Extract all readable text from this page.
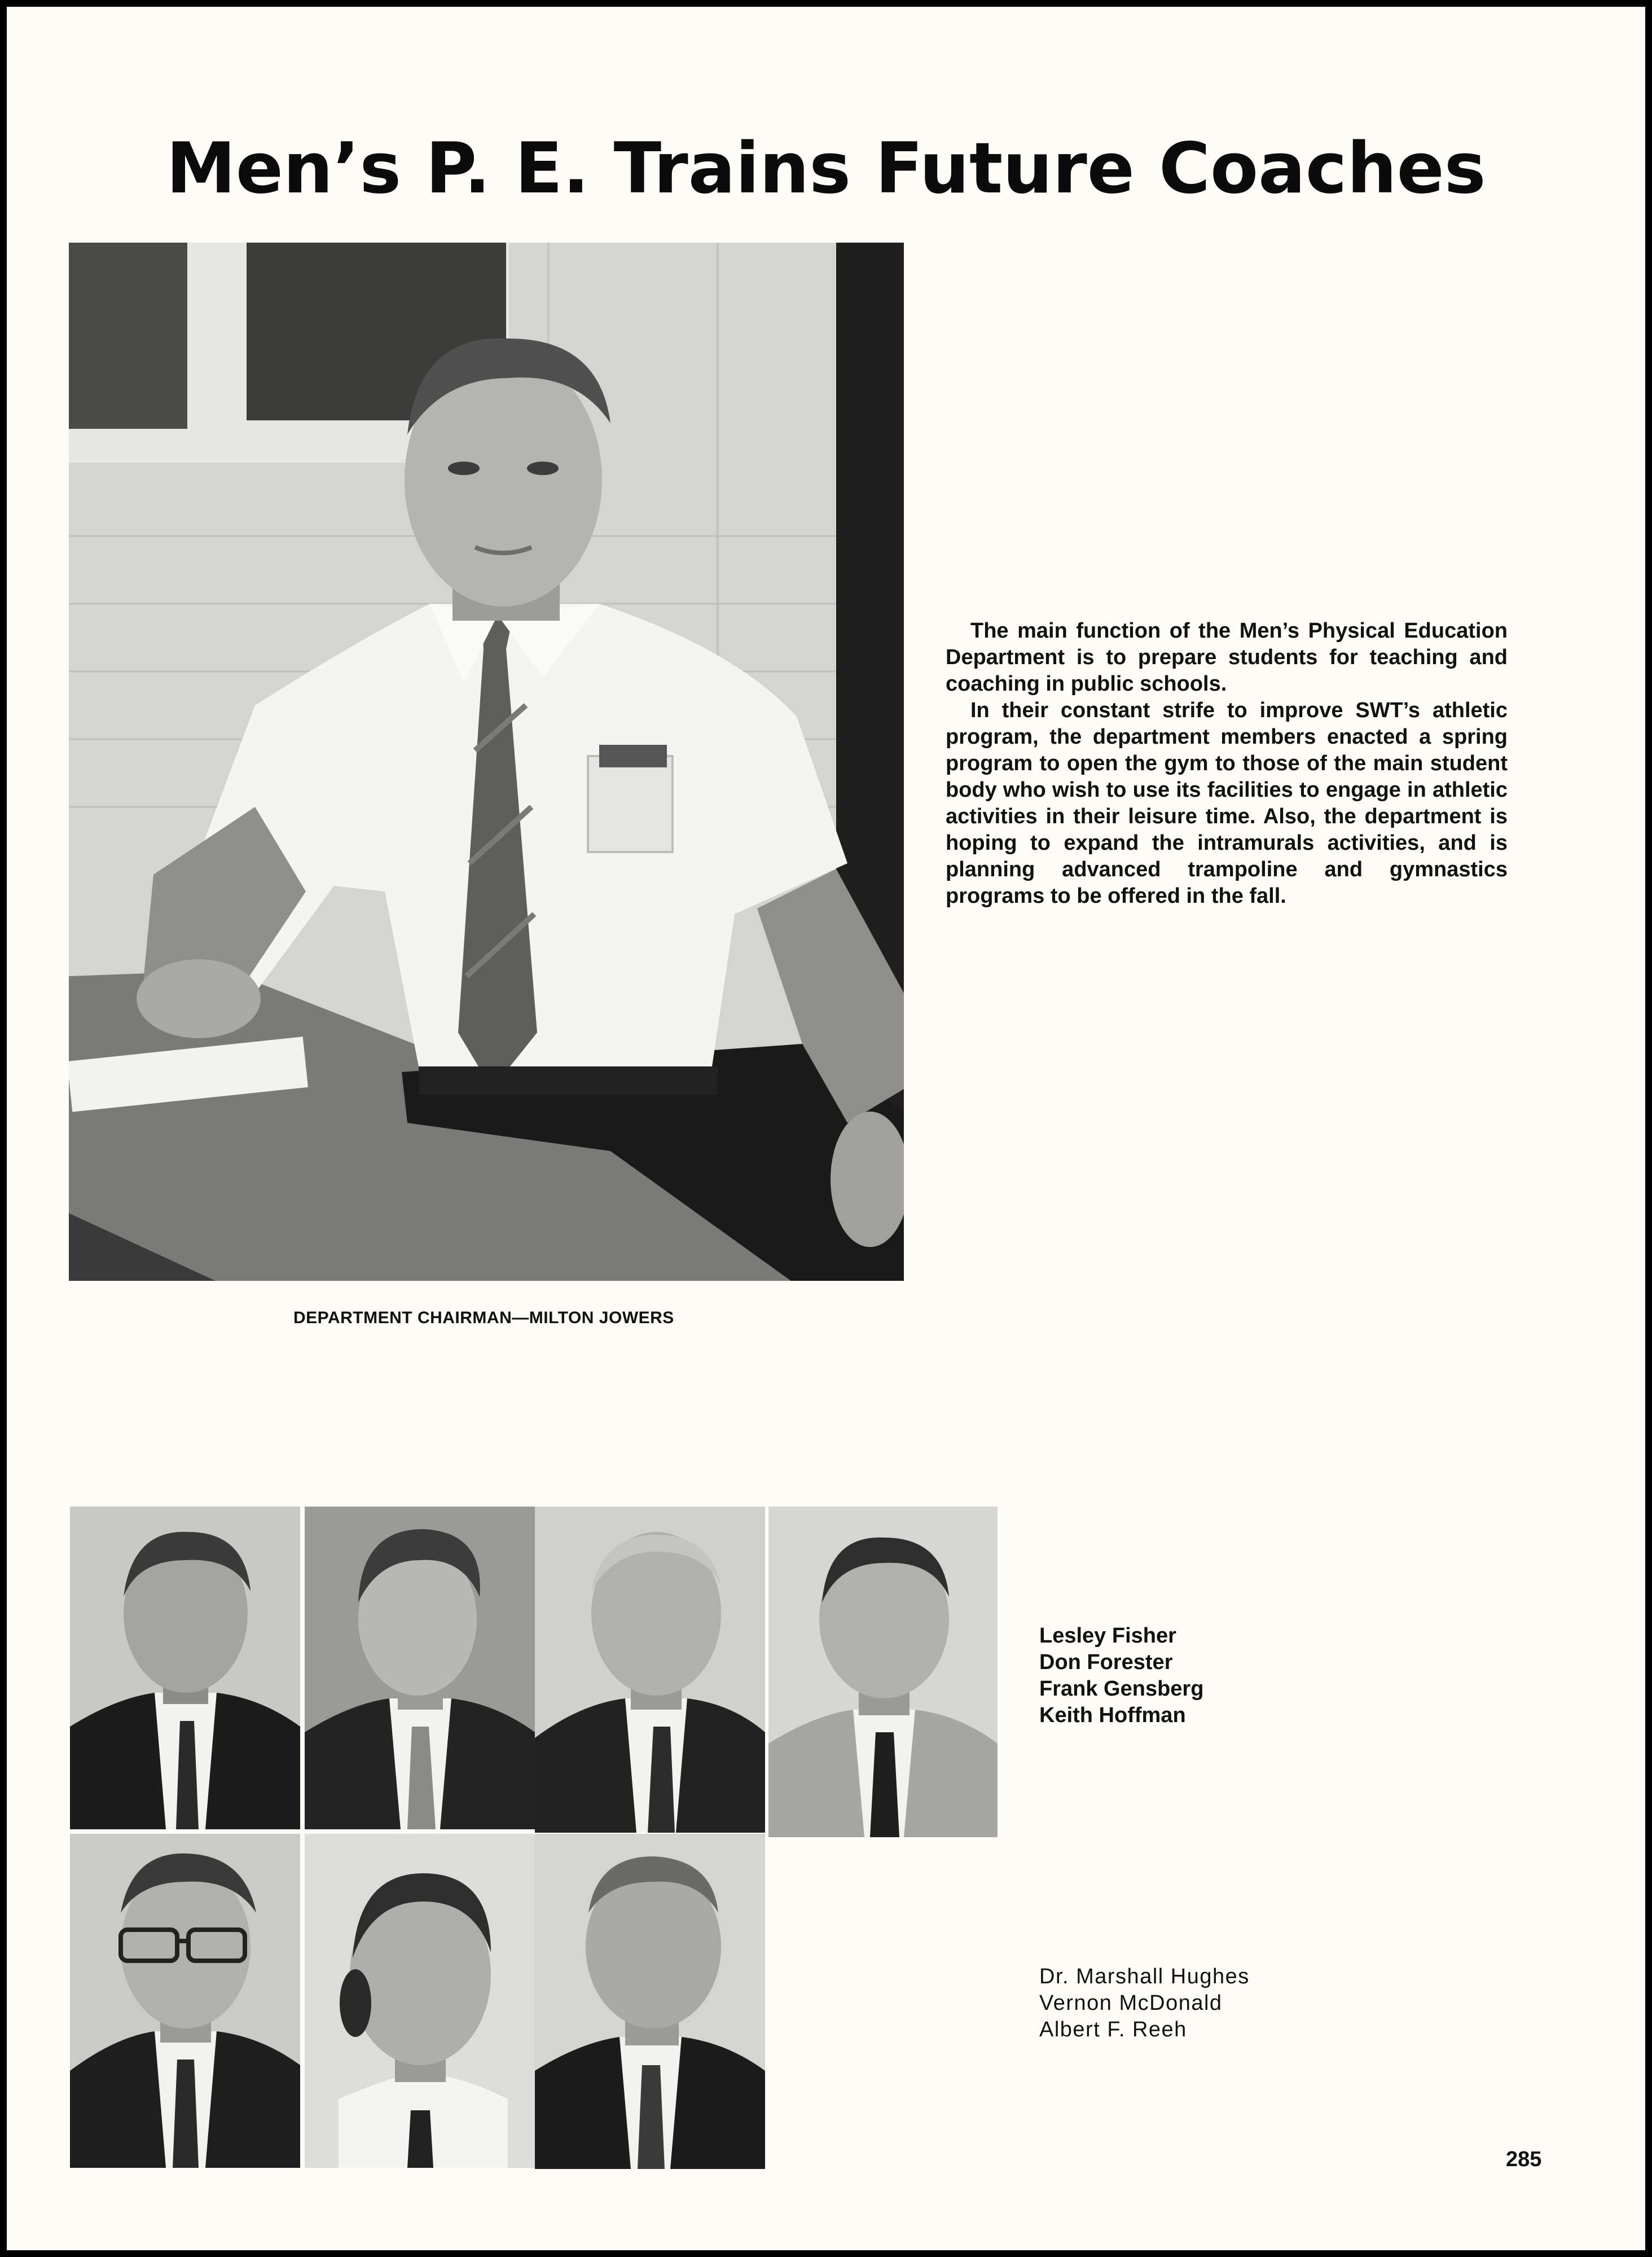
Men’s P. E. Trains Future Coaches
DEPARTMENT CHAIRMAN—MILTON JOWERS

The main function of the Men’s Physical Education Department is to prepare students for teaching and coaching in public schools.

In their constant strife to improve SWT’s athletic program, the department members enacted a spring program to open the gym to those of the main student body who wish to use its facilities to engage in athletic activities in their leisure time. Also, the department is hoping to expand the intramurals activities, and is planning advanced trampoline and gymnastics programs to be offered in the fall.

Lesley Fisher
Don Forester
Frank Gensberg
Keith Hoffman
Dr. Marshall Hughes
Vernon McDonald
Albert F. Reeh
285
